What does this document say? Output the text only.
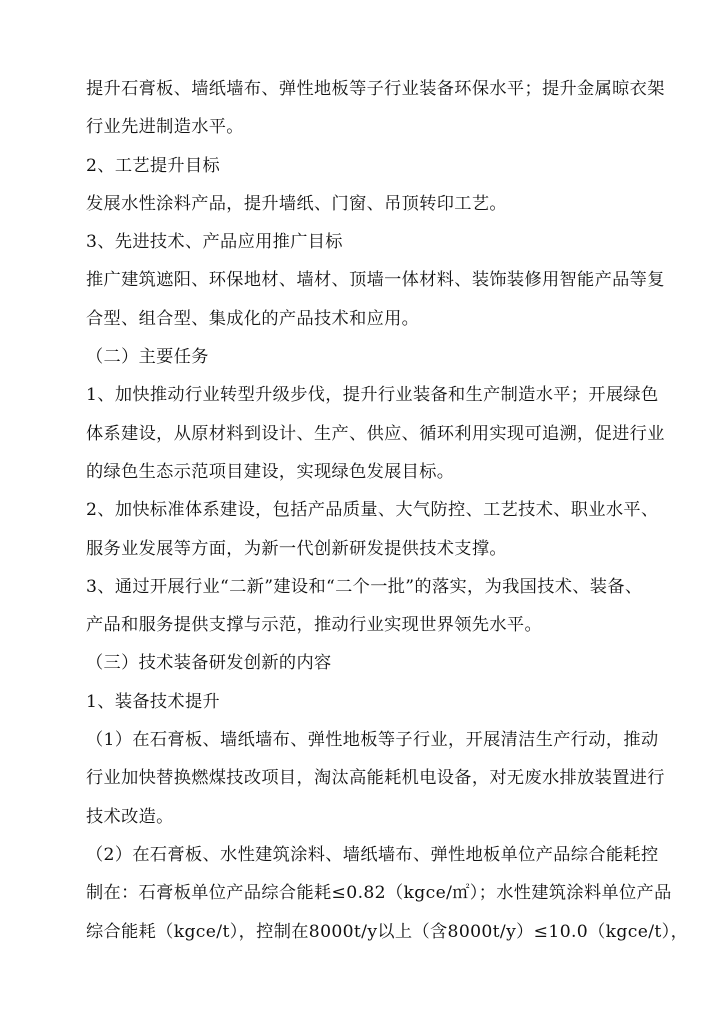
提升石膏板、墙纸墙布、弹性地板等子行业装备环保水平；提升金属晾衣架
行业先进制造水平。
2、工艺提升目标
发展水性涂料产品，提升墙纸、门窗、吊顶转印工艺。
3、先进技术、产品应用推广目标
推广建筑遮阳、环保地材、墙材、顶墙一体材料、装饰装修用智能产品等复
合型、组合型、集成化的产品技术和应用。
（二）主要任务
1、加快推动行业转型升级步伐，提升行业装备和生产制造水平；开展绿色
体系建设，从原材料到设计、生产、供应、循环利用实现可追溯，促进行业
的绿色生态示范项目建设，实现绿色发展目标。
2、加快标准体系建设，包括产品质量、大气防控、工艺技术、职业水平、
服务业发展等方面，为新一代创新研发提供技术支撑。
3、通过开展行业“二新”建设和“二个一批”的落实，为我国技术、装备、
产品和服务提供支撑与示范，推动行业实现世界领先水平。
（三）技术装备研发创新的内容
1、装备技术提升
（1）在石膏板、墙纸墙布、弹性地板等子行业，开展清洁生产行动，推动
行业加快替换燃煤技改项目，淘汰高能耗机电设备，对无废水排放装置进行
技术改造。
（2）在石膏板、水性建筑涂料、墙纸墙布、弹性地板单位产品综合能耗控
制在：石膏板单位产品综合能耗≤0.82（kgce/㎡）；水性建筑涂料单位产品
综合能耗（kgce/t），控制在8000t/y以上（含8000t/y）≤10.0（kgce/t），
